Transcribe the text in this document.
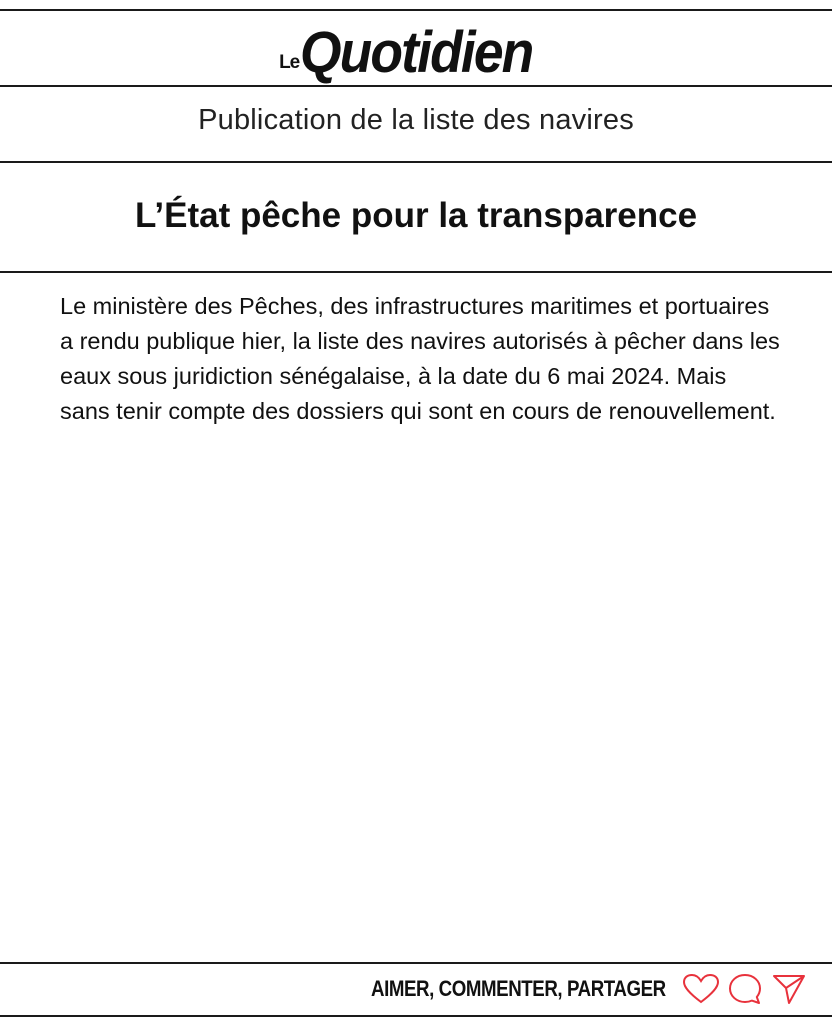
Le Quotidien
Publication de la liste des navires
L’État pêche pour la transparence
Le ministère des Pêches, des infrastructures maritimes et portuaires a rendu publique hier, la liste des navires autorisés à pêcher dans les eaux sous juridiction sénégalaise, à la date du 6 mai 2024. Mais sans tenir compte des dossiers qui sont en cours de renouvellement.
AIMER, COMMENTER, PARTAGER
